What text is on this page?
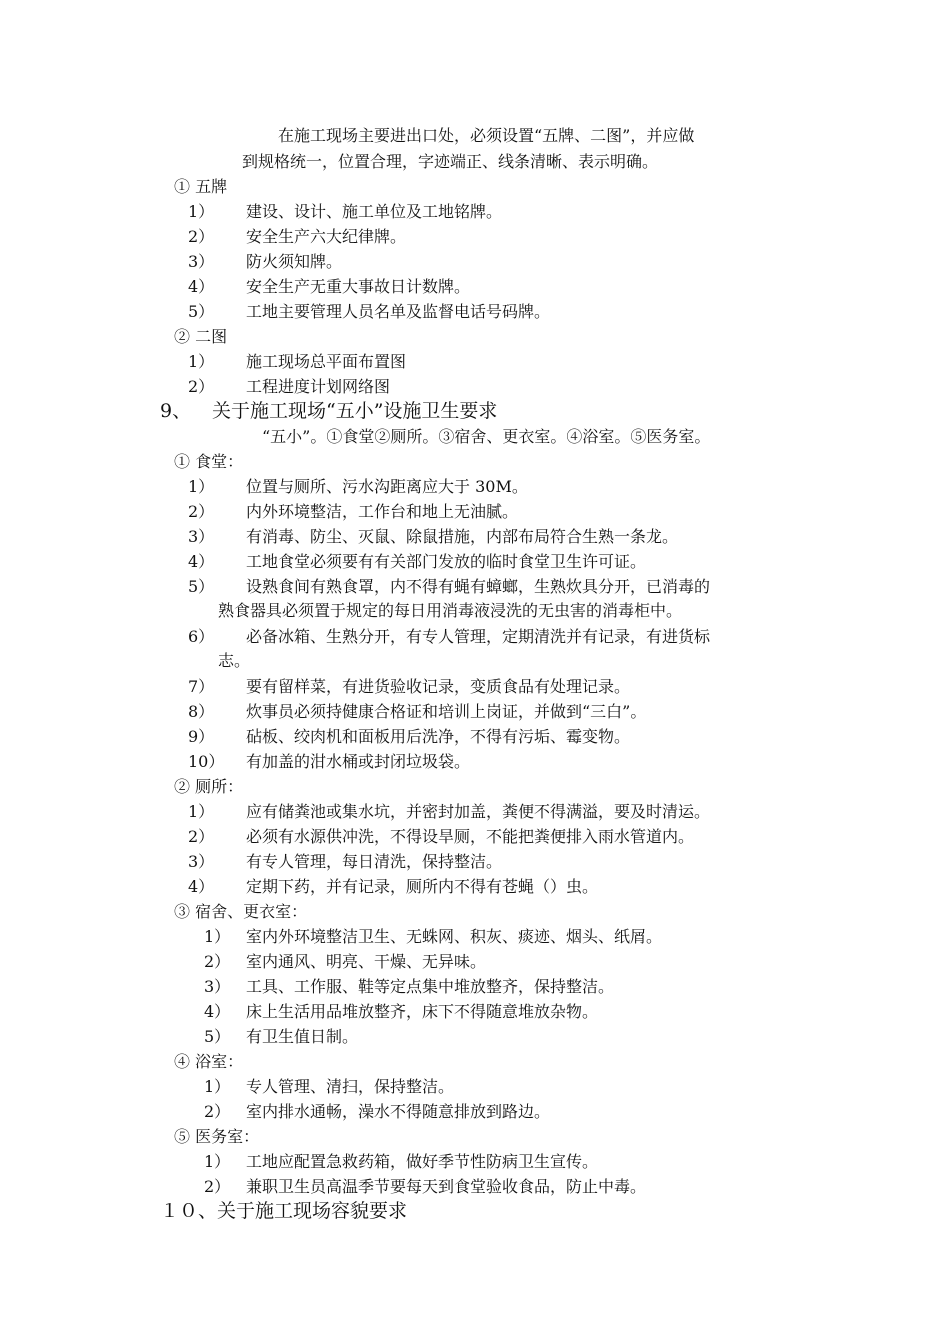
在施工现场主要进出口处，必须设置“五牌、二图”，并应做
到规格统一，位置合理，字迹端正、线条清晰、表示明确。
① 五牌
1） 建设、设计、施工单位及工地铭牌。
2） 安全生产六大纪律牌。
3） 防火须知牌。
4） 安全生产无重大事故日计数牌。
5） 工地主要管理人员名单及监督电话号码牌。
② 二图
1） 施工现场总平面布置图
2） 工程进度计划网络图
9、 关于施工现场“五小”设施卫生要求
“五小”。①食堂②厕所。③宿舍、更衣室。④浴室。⑤医务室。
① 食堂：
1） 位置与厕所、污水沟距离应大于 30M。
2） 内外环境整洁，工作台和地上无油腻。
3） 有消毒、防尘、灭鼠、除鼠措施，内部布局符合生熟一条龙。
4） 工地食堂必须要有有关部门发放的临时食堂卫生许可证。
5） 设熟食间有熟食罩，内不得有蝇有蟑螂，生熟炊具分开，已消毒的
熟食器具必须置于规定的每日用消毒液浸洗的无虫害的消毒柜中。
6） 必备冰箱、生熟分开，有专人管理，定期清洗并有记录，有进货标
志。
7） 要有留样菜，有进货验收记录，变质食品有处理记录。
8） 炊事员必须持健康合格证和培训上岗证，并做到“三白”。
9） 砧板、绞肉机和面板用后洗净，不得有污垢、霉变物。
10） 有加盖的泔水桶或封闭垃圾袋。
② 厕所：
1） 应有储粪池或集水坑，并密封加盖，粪便不得满溢，要及时清运。
2） 必须有水源供冲洗，不得设旱厕，不能把粪便排入雨水管道内。
3） 有专人管理，每日清洗，保持整洁。
4） 定期下药，并有记录，厕所内不得有苍蝇（）虫。
③ 宿舍、更衣室：
1） 室内外环境整洁卫生、无蛛网、积灰、痰迹、烟头、纸屑。
2） 室内通风、明亮、干燥、无异味。
3） 工具、工作服、鞋等定点集中堆放整齐，保持整洁。
4） 床上生活用品堆放整齐，床下不得随意堆放杂物。
5） 有卫生值日制。
④ 浴室：
1） 专人管理、清扫，保持整洁。
2） 室内排水通畅，澡水不得随意排放到路边。
⑤ 医务室：
1） 工地应配置急救药箱，做好季节性防病卫生宣传。
2） 兼职卫生员高温季节要每天到食堂验收食品，防止中毒。
１０、关于施工现场容貌要求
